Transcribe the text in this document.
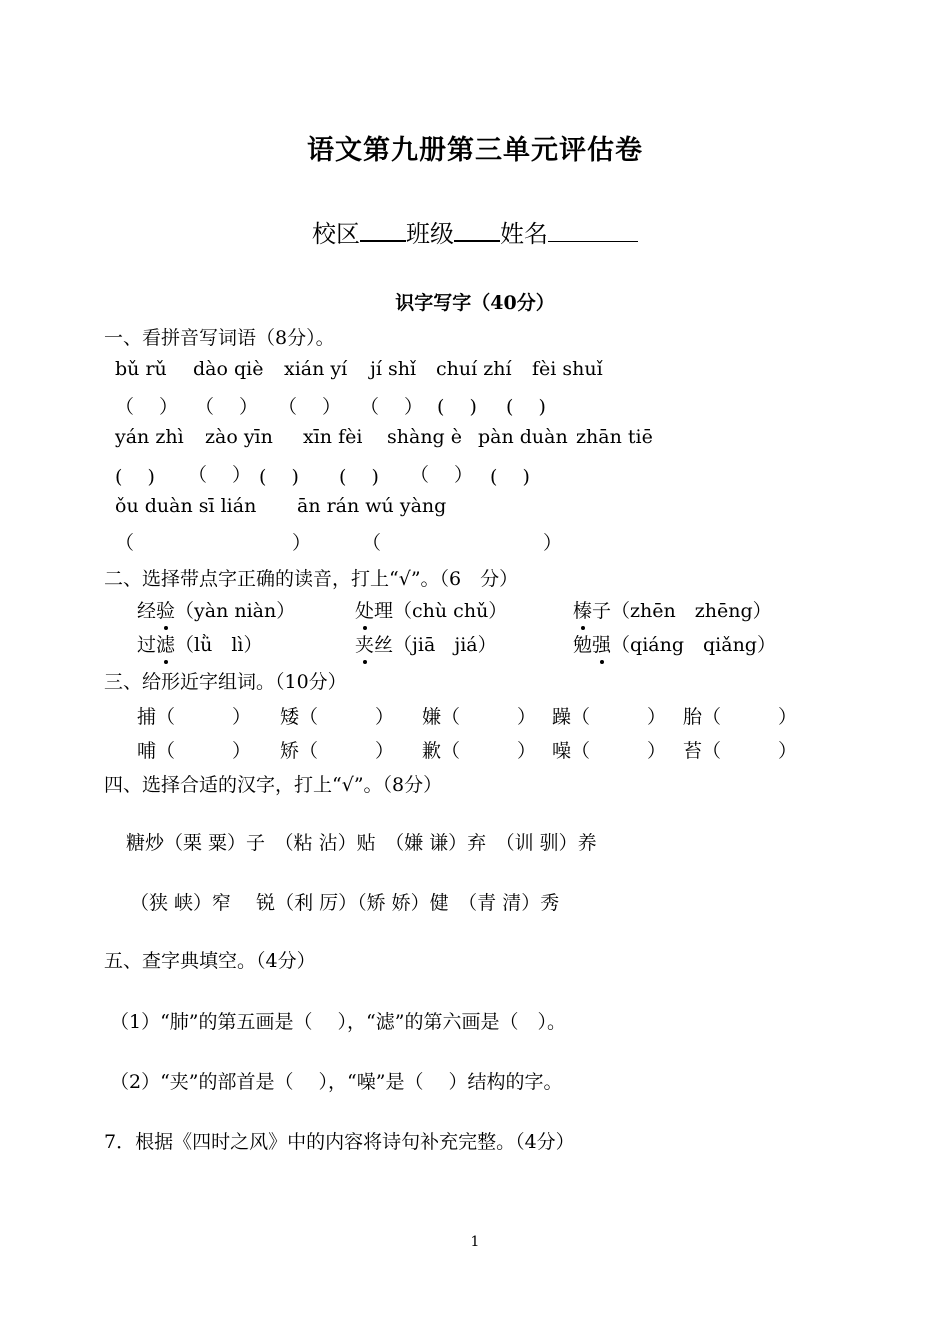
语文第九册第三单元评估卷
校区 班级 姓名
识字写字（40分）
一、看拼音写词语（8分）。
bǔ rǔ dào qiè xián yí jí shǐ chuí zhí fèi shuǐ
（　 ） （　 ） （　 ） （　 ） (　 ) (　 )
yán zhì zào yīn xīn fèi shàng è pàn duàn zhān tiē
(　 ) （　 ） (　 ) (　 ) （　 ） (　 )
ǒu duàn sī lián ān rán wú yàng
（	）	（	）
二、选择带点字正确的读音，打上“√”。（6　分）
经验（yàn niàn）	处理（chù chǔ）	榛子（zhēn　zhēng）
过滤（lǜ　lì）	夹丝（jiā　jiá）	勉强（qiáng　qiǎng）
三、给形近字组词。（10分）
捕（　　　） 矮（　　　） 嫌（　　　） 躁（　　　） 胎（　　　）
哺（　　　） 矫（　　　） 歉（　　　） 噪（　　　） 苔（　　　）
四、选择合适的汉字，打上“√”。（8分）
糖炒（栗 粟）子　（粘 沾）贴　（嫌 谦）弃　（训 驯）养
（狭 峡）窄　 锐（利 厉）（矫 娇）健　（青 清）秀
五、查字典填空。（4分）
（1）“肺”的第五画是（　 ），“滤”的第六画是（　）。
（2）“夹”的部首是（　 ），“噪”是（　 ）结构的字。
7．根据《四时之风》中的内容将诗句补充完整。（4分）
1
